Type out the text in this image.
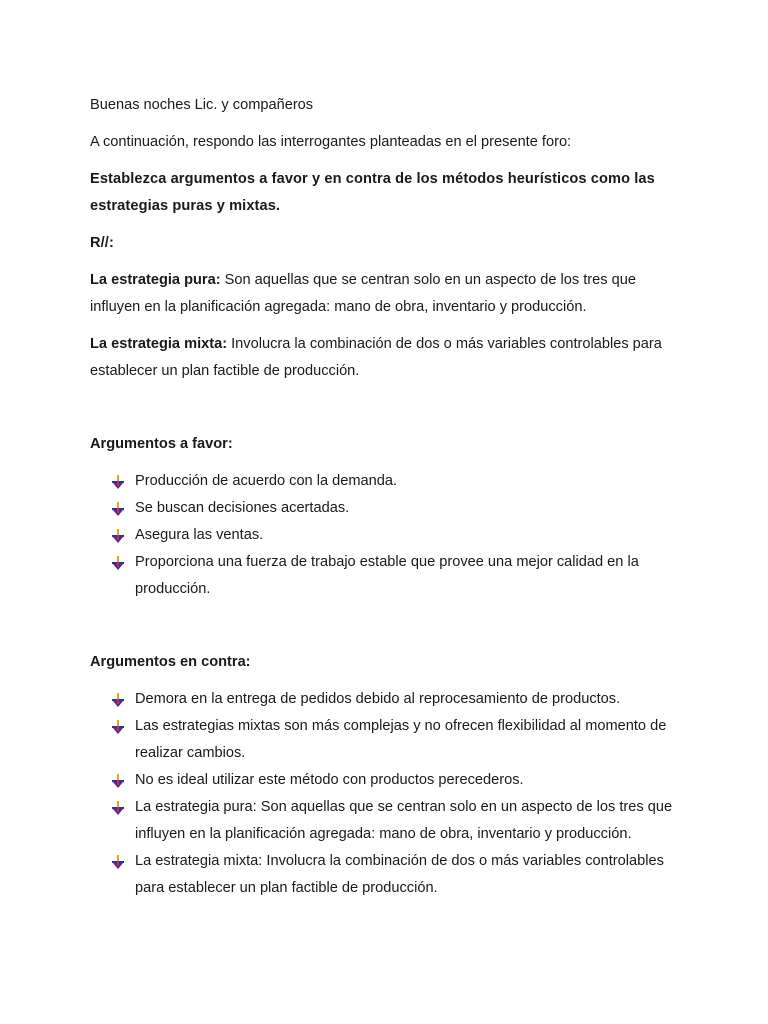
Buenas noches Lic. y compañeros

A continuación, respondo las interrogantes planteadas en el presente foro:

Establezca argumentos a favor y en contra de los métodos heurísticos como las estrategias puras y mixtas.

R//:

La estrategia pura: Son aquellas que se centran solo en un aspecto de los tres que influyen en la planificación agregada: mano de obra, inventario y producción.

La estrategia mixta: Involucra la combinación de dos o más variables controlables para establecer un plan factible de producción.

Argumentos a favor:

Producción de acuerdo con la demanda.
Se buscan decisiones acertadas.
Asegura las ventas.
Proporciona una fuerza de trabajo estable que provee una mejor calidad en la producción.

Argumentos en contra:

Demora en la entrega de pedidos debido al reprocesamiento de productos.
Las estrategias mixtas son más complejas y no ofrecen flexibilidad al momento de realizar cambios.
No es ideal utilizar este método con productos perecederos.
La estrategia pura: Son aquellas que se centran solo en un aspecto de los tres que influyen en la planificación agregada: mano de obra, inventario y producción.
La estrategia mixta: Involucra la combinación de dos o más variables controlables para establecer un plan factible de producción.
